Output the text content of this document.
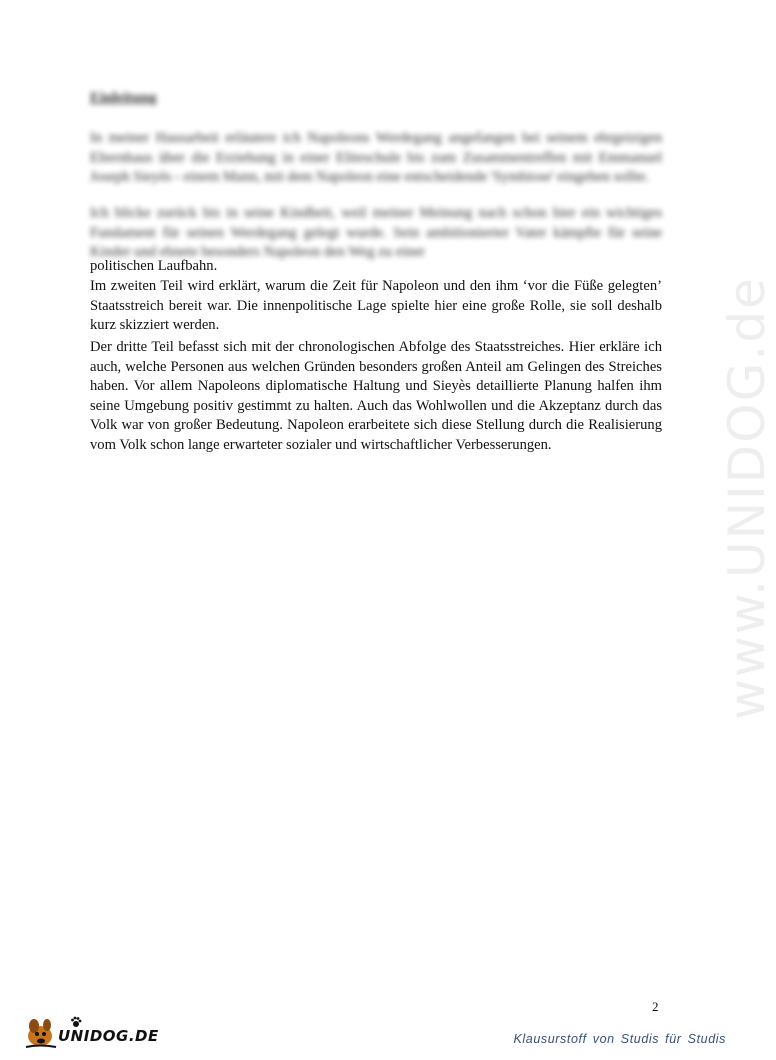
www.UNIDOG.de
Einleitung

In meiner Hausarbeit erläutere ich Napoleons Werdegang angefangen bei seinem ehrgeizigen Elternhaus über die Erziehung in einer Eliteschule bis zum Zusammentreffen mit Emmanuel Joseph Sieyès - einem Mann, mit dem Napoleon eine entscheidende 'Symbiose' eingehen sollte.

Ich blicke zurück bis in seine Kindheit, weil meiner Meinung nach schon hier ein wichtiges Fundament für seinen Werdegang gelegt wurde. Sein ambitionierter Vater kämpfte für seine Kinder und ebnete besonders Napoleon den Weg zu einer

politischen Laufbahn.

Im zweiten Teil wird erklärt, warum die Zeit für Napoleon und den ihm ‘vor die Füße gelegten’ Staatsstreich bereit war. Die innenpolitische Lage spielte hier eine große Rolle, sie soll deshalb kurz skizziert werden.

Der dritte Teil befasst sich mit der chronologischen Abfolge des Staatsstreiches. Hier erkläre ich auch, welche Personen aus welchen Gründen besonders großen Anteil am Gelingen des Streiches haben. Vor allem Napoleons diplomatische Haltung und Sieyès detaillierte Planung halfen ihm seine Umgebung positiv gestimmt zu halten. Auch das Wohlwollen und die Akzeptanz durch das Volk war von großer Bedeutung. Napoleon erarbeitete sich diese Stellung durch die Realisierung vom Volk schon lange erwarteter sozialer und wirtschaftlicher Verbesserungen.

2
UNIDOG.DE	Klausurstoff von Studis für Studis
